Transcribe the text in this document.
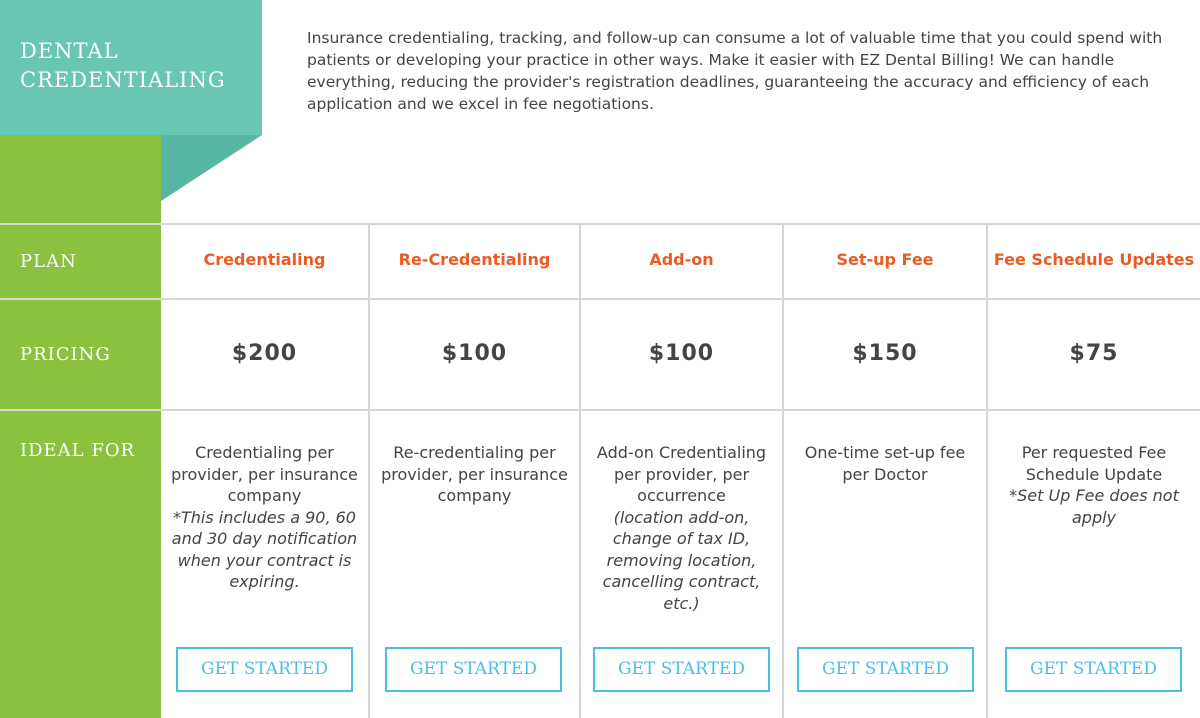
DENTAL
CREDENTIALING

Insurance credentialing, tracking, and follow-up can consume a lot of valuable time that you could spend with patients or developing your practice in other ways. Make it easier with EZ Dental Billing! We can handle everything, reducing the provider's registration deadlines, guaranteeing the accuracy and efficiency of each application and we excel in fee negotiations.

PLAN
PRICING
IDEAL FOR
Credentialing
$200
Credentialing per provider, per insurance company
*This includes a 90, 60 and 30 day notification when your contract is expiring.
GET STARTED
Re-Credentialing
$100
Re-credentialing per provider, per insurance company
GET STARTED
Add-on
$100
Add-on Credentialing per provider, per occurrence
(location add-on, change of tax ID, removing location, cancelling contract, etc.)
GET STARTED
Set-up Fee
$150
One-time set-up fee per Doctor
GET STARTED
Fee Schedule Updates
$75
Per requested Fee Schedule Update
*Set Up Fee does not apply
GET STARTED
